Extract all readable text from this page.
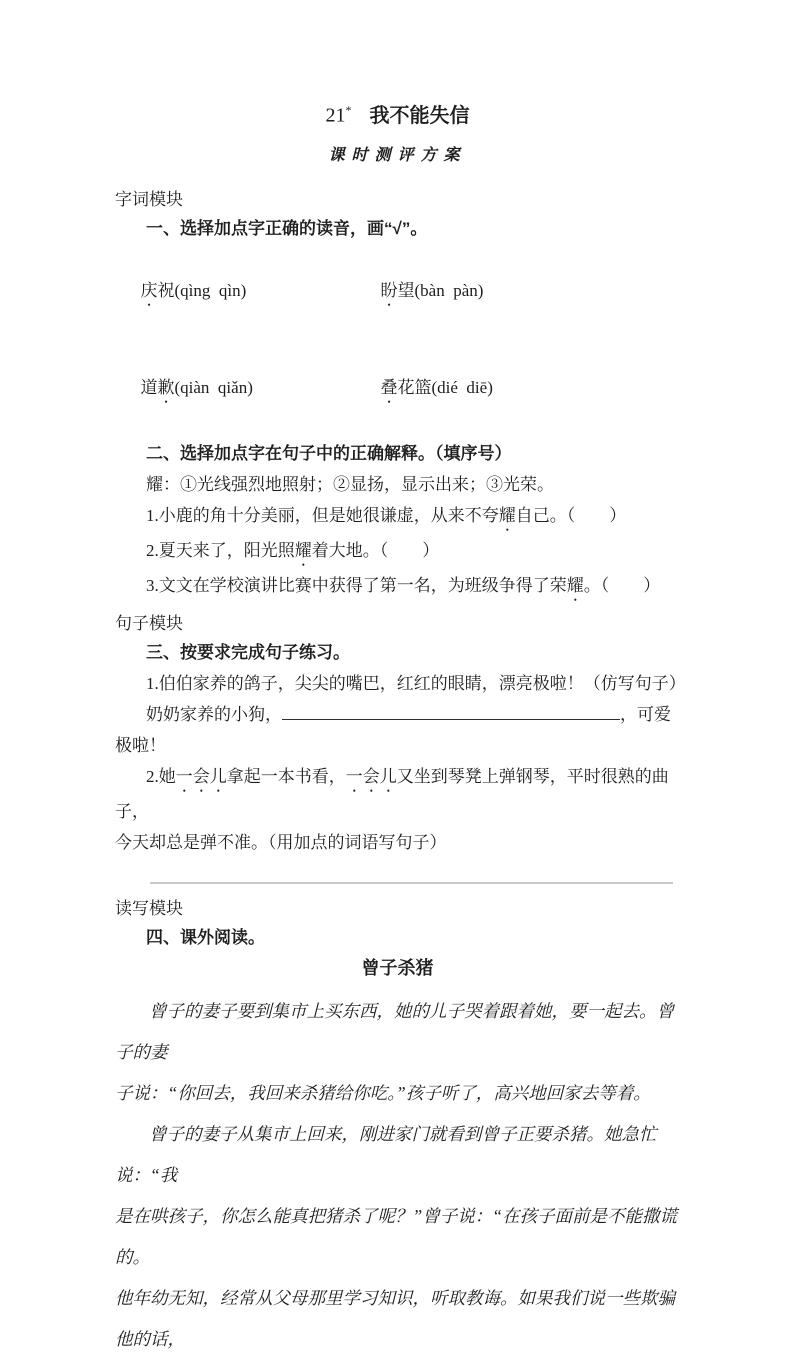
21* 我不能失信
课时测评方案
字词模块
一、选择加点字正确的读音，画“√”。

庆祝(qìng  qìn)	盼望(bàn  pàn)

道歉(qiàn  qiǎn)	叠花篮(dié  diē)

二、选择加点字在句子中的正确解释。（填序号）
耀：①光线强烈地照射；②显扬，显示出来；③光荣。
1.小鹿的角十分美丽，但是她很谦虚，从来不夸耀自己。（　　）
2.夏天来了，阳光照耀着大地。（　　）
3.文文在学校演讲比赛中获得了第一名，为班级争得了荣耀。（　　）
句子模块
三、按要求完成句子练习。
1.伯伯家养的鸽子，尖尖的嘴巴，红红的眼睛，漂亮极啦！（仿写句子）
奶奶家养的小狗，	，可爱极啦！
2.她一会儿拿起一本书看，一会儿又坐到琴凳上弹钢琴，平时很熟的曲子，
今天却总是弹不准。（用加点的词语写句子）
读写模块
四、课外阅读。
曾子杀猪
曾子的妻子要到集市上买东西，她的儿子哭着跟着她，要一起去。曾子的妻
子说：“你回去，我回来杀猪给你吃。”孩子听了，高兴地回家去等着。
曾子的妻子从集市上回来，刚进家门就看到曾子正要杀猪。她急忙说：“我
是在哄孩子，你怎么能真把猪杀了呢？”曾子说：“在孩子面前是不能撒谎的。
他年幼无知，经常从父母那里学习知识，听取教诲。如果我们说一些欺骗他的话，
